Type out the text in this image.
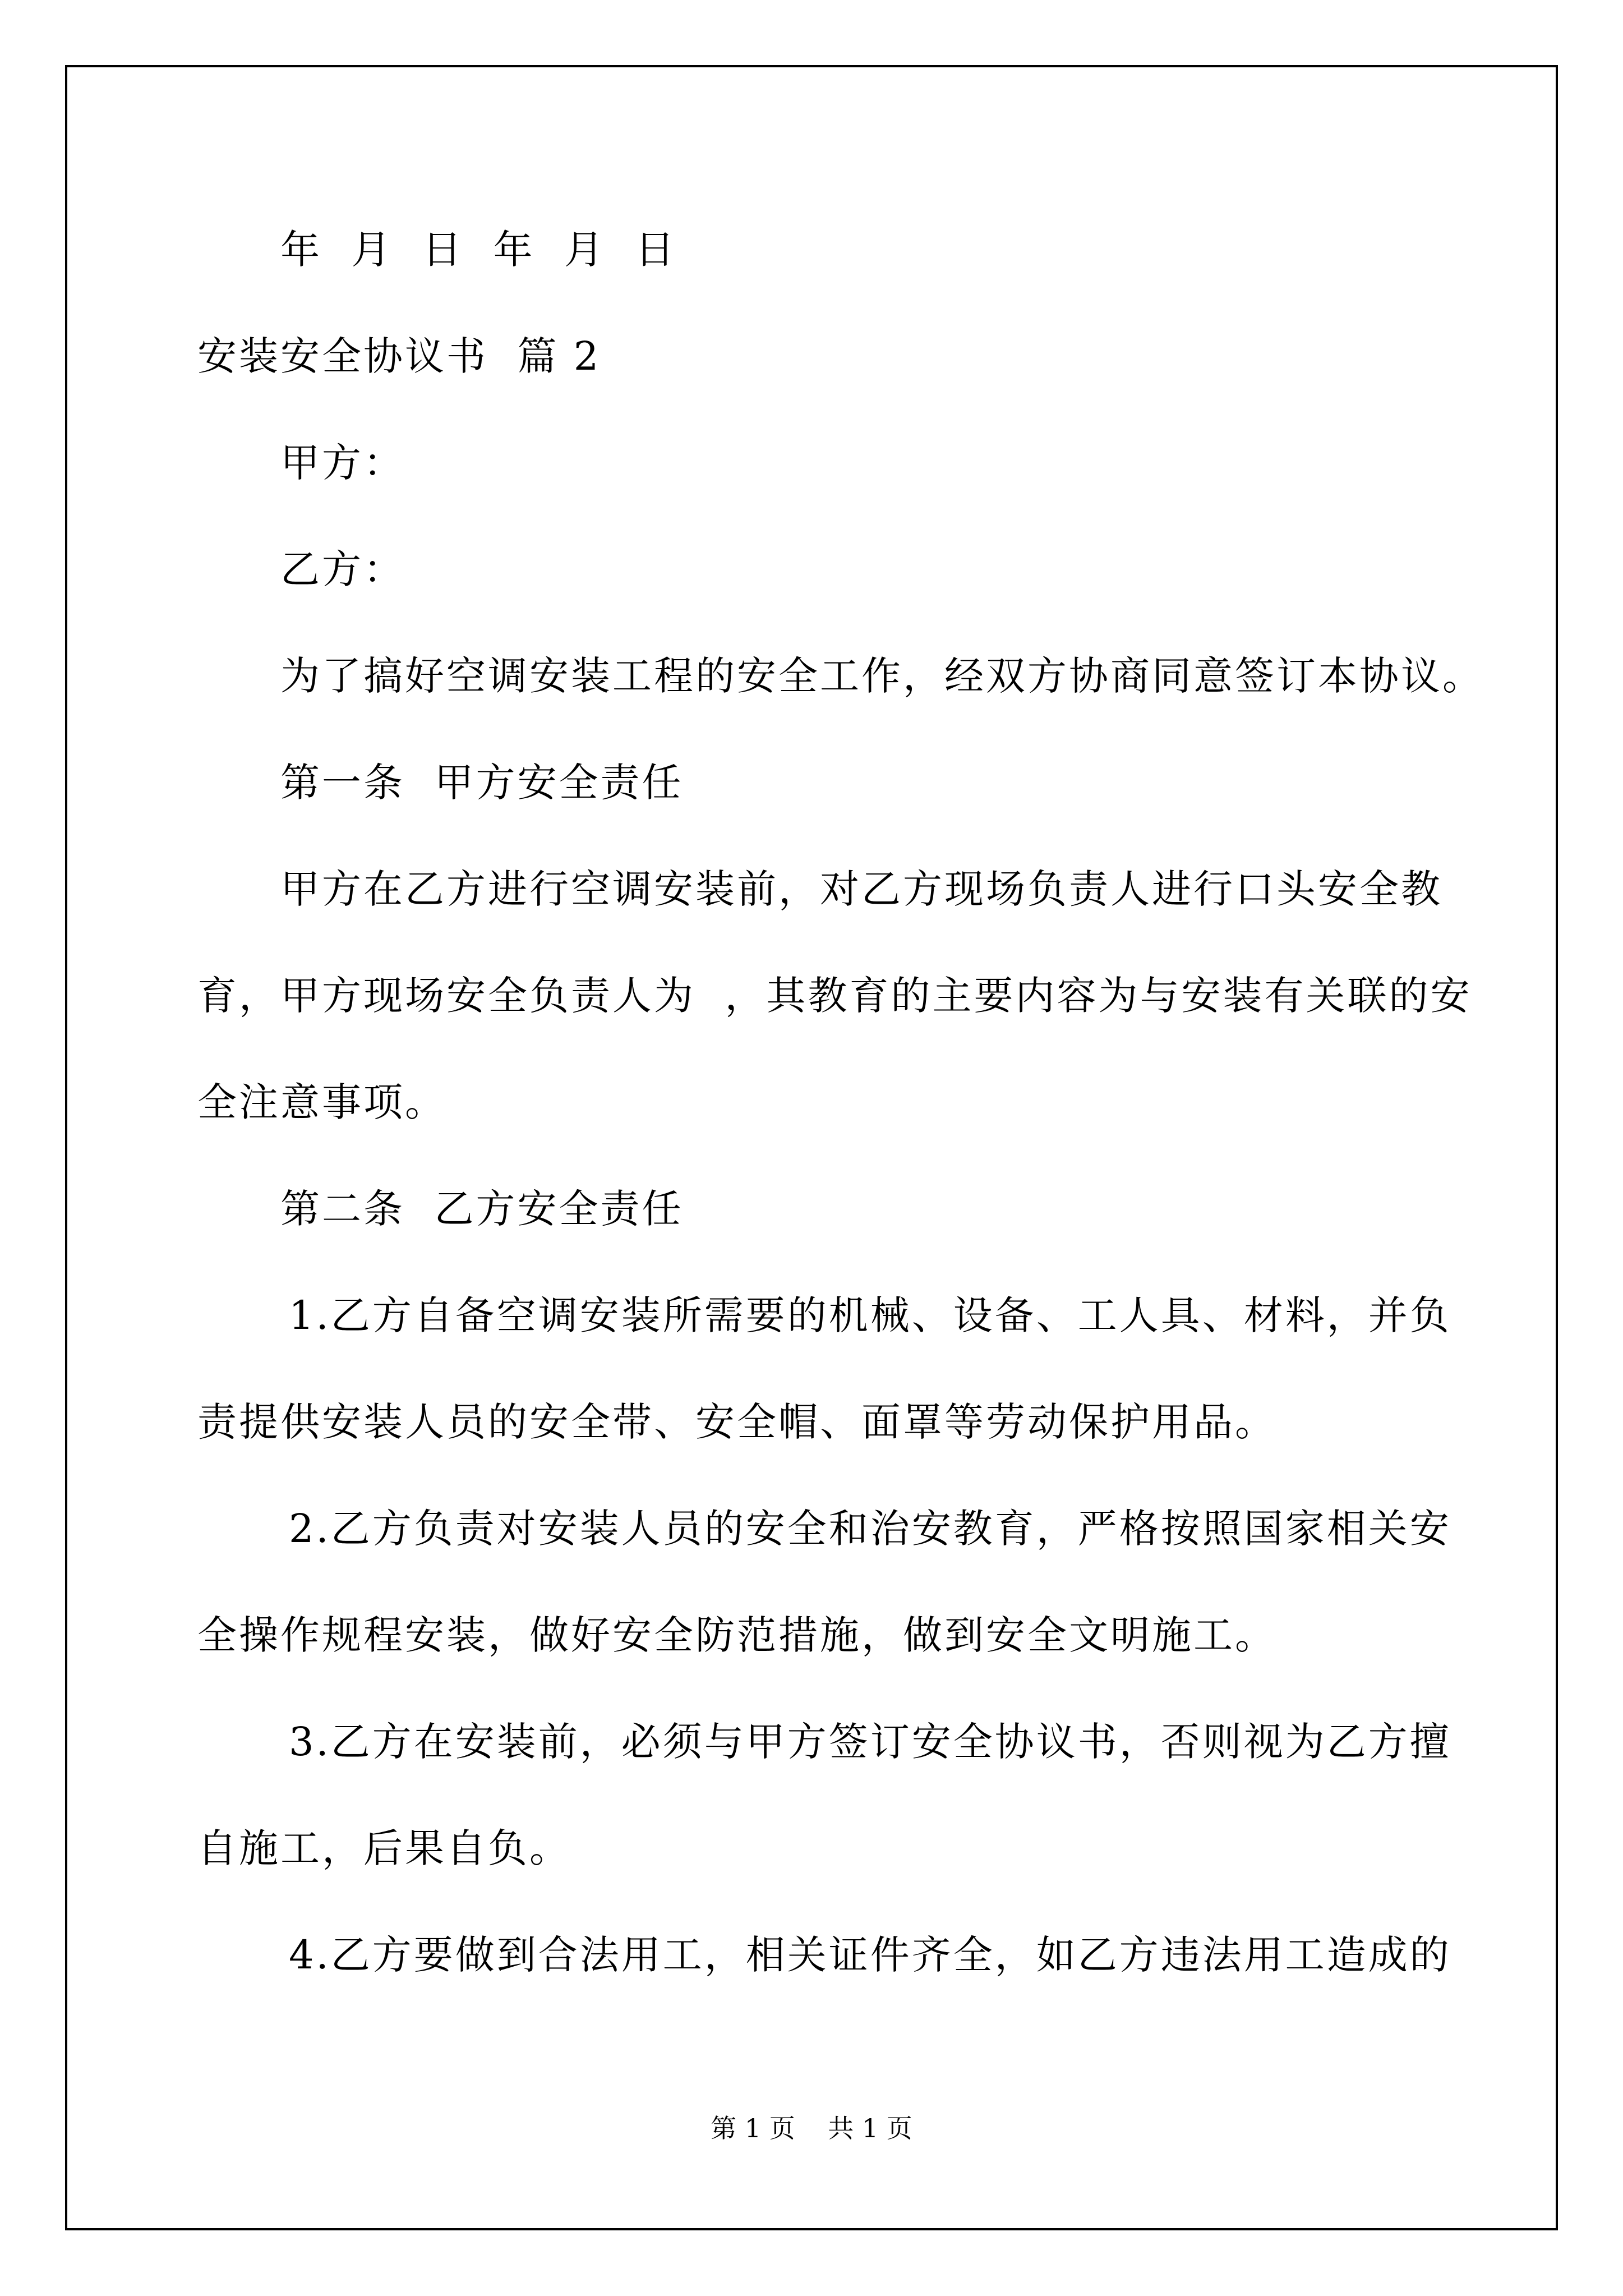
年  月  日  年  月  日
安装安全协议书  篇 2
甲方：
乙方：
为了搞好空调安装工程的安全工作，经双方协商同意签订本协议。
第一条  甲方安全责任
甲方在乙方进行空调安装前，对乙方现场负责人进行口头安全教
育，甲方现场安全负责人为  ，其教育的主要内容为与安装有关联的安
全注意事项。
第二条  乙方安全责任
1.乙方自备空调安装所需要的机械、设备、工人具、材料，并负
责提供安装人员的安全带、安全帽、面罩等劳动保护用品。
2.乙方负责对安装人员的安全和治安教育，严格按照国家相关安
全操作规程安装，做好安全防范措施，做到安全文明施工。
3.乙方在安装前，必须与甲方签订安全协议书，否则视为乙方擅
自施工，后果自负。
4.乙方要做到合法用工，相关证件齐全，如乙方违法用工造成的
第 1 页    共 1 页
